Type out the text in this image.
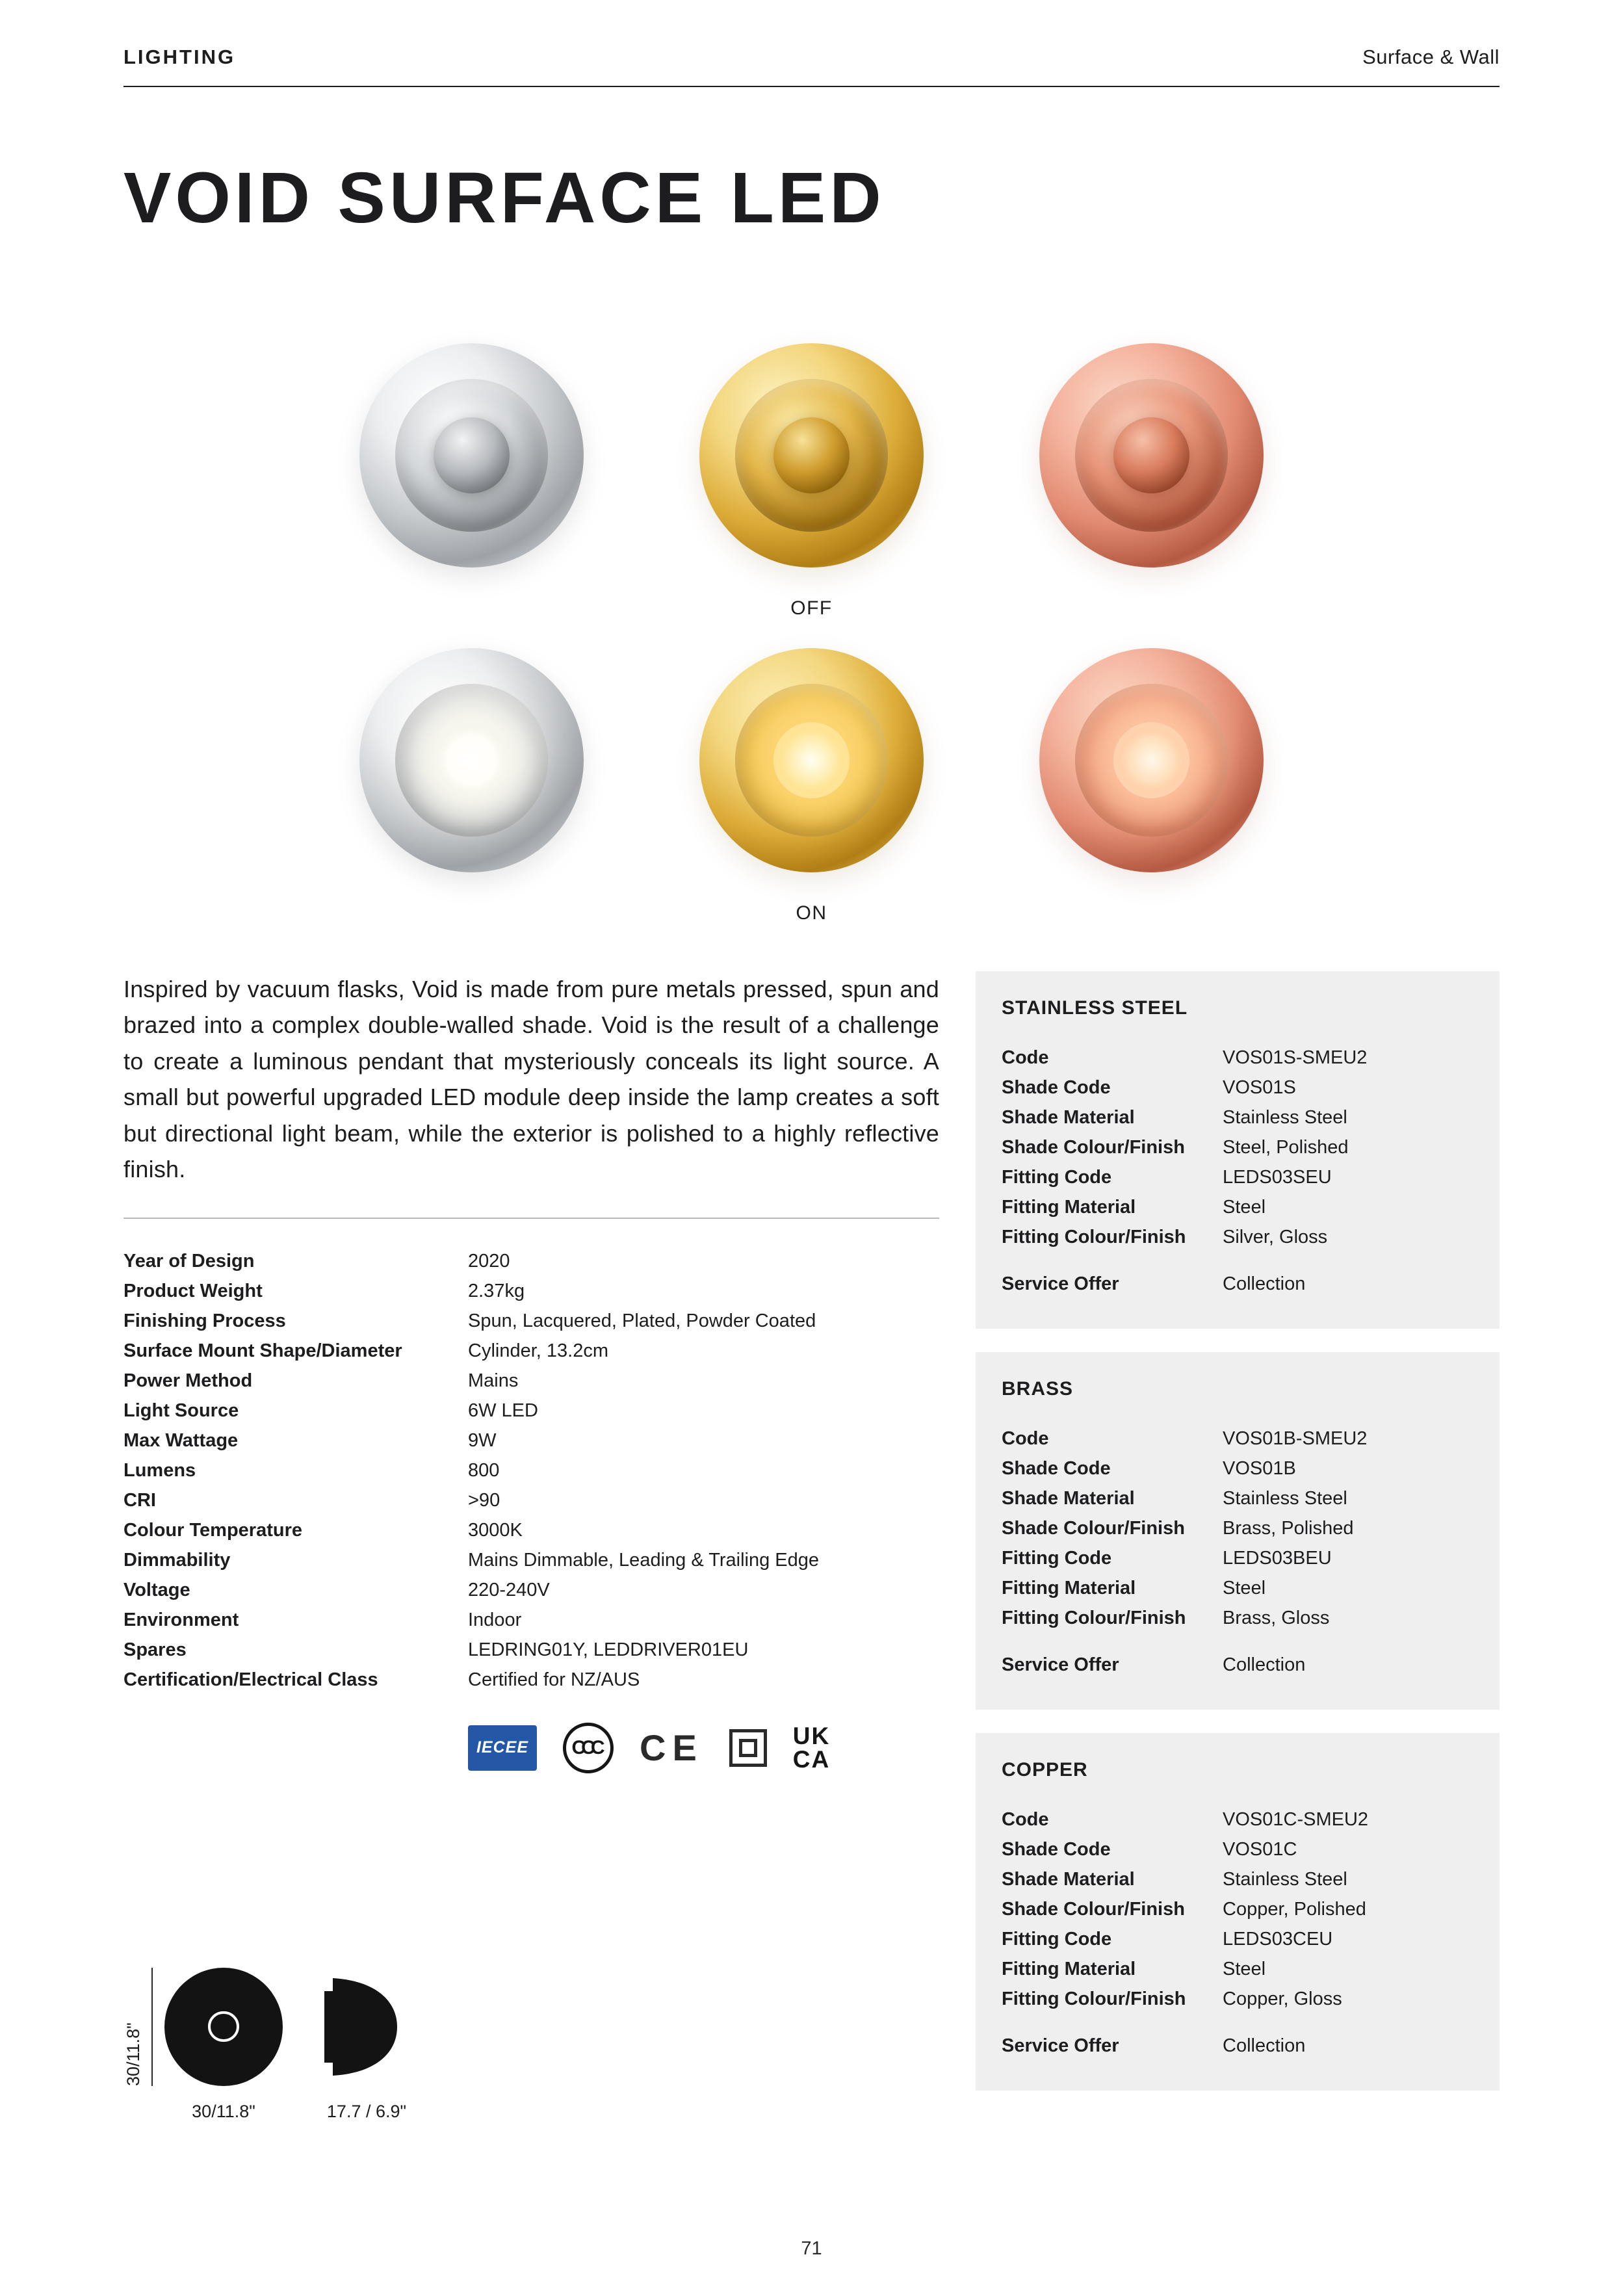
LIGHTING	Surface & Wall
VOID SURFACE LED
OFF
ON

Inspired by vacuum flasks, Void is made from pure metals pressed, spun and brazed into a complex double-walled shade. Void is the result of a challenge to create a luminous pendant that mysteriously conceals its light source. A small but powerful upgraded LED module deep inside the lamp creates a soft but directional light beam, while the exterior is polished to a highly reflective finish.

Year of Design	2020
Product Weight	2.37kg
Finishing Process	Spun, Lacquered, Plated, Powder Coated
Surface Mount Shape/Diameter	Cylinder, 13.2cm
Power Method	Mains
Light Source	6W LED
Max Wattage	9W
Lumens	800
CRI	>90
Colour Temperature	3000K
Dimmability	Mains Dimmable, Leading & Trailing Edge
Voltage	220-240V
Environment	Indoor
Spares	LEDRING01Y, LEDDRIVER01EU
Certification/Electrical Class	Certified for NZ/AUS
IECEE	CCC	CE	UK
CA
30/11.8"
30/11.8"	17.7 / 6.9"
STAINLESS STEEL
Code	VOS01S-SMEU2
Shade Code	VOS01S
Shade Material	Stainless Steel
Shade Colour/Finish	Steel, Polished
Fitting Code	LEDS03SEU
Fitting Material	Steel
Fitting Colour/Finish	Silver, Gloss
Service Offer	Collection
BRASS
Code	VOS01B-SMEU2
Shade Code	VOS01B
Shade Material	Stainless Steel
Shade Colour/Finish	Brass, Polished
Fitting Code	LEDS03BEU
Fitting Material	Steel
Fitting Colour/Finish	Brass, Gloss
Service Offer	Collection
COPPER
Code	VOS01C-SMEU2
Shade Code	VOS01C
Shade Material	Stainless Steel
Shade Colour/Finish	Copper, Polished
Fitting Code	LEDS03CEU
Fitting Material	Steel
Fitting Colour/Finish	Copper, Gloss
Service Offer	Collection
71
